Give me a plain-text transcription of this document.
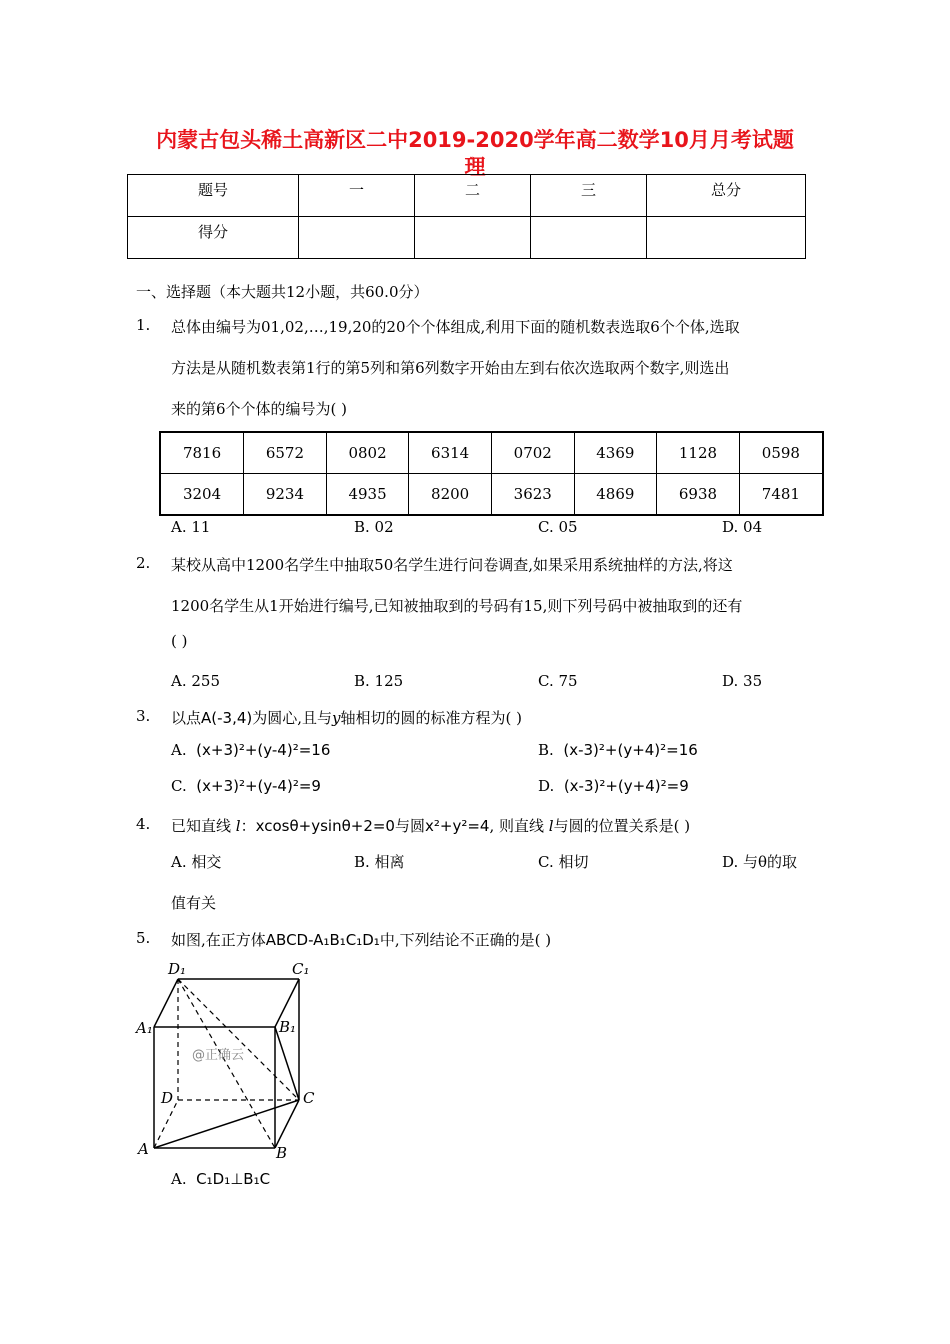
内蒙古包头稀土高新区二中2019-2020学年高二数学10月月考试题
理
题号	一	二	三	总分
得分				
一、选择题（本大题共12小题，共60.0分）
1. 总体由编号为01,02,…,19,20的20个个体组成,利用下面的随机数表选取6个个体,选取
方法是从随机数表第1行的第5列和第6列数字开始由左到右依次选取两个数字,则选出
来的第6个个体的编号为( )
7816	6572	0802	6314	0702	4369	1128	0598
3204	9234	4935	8200	3623	4869	6938	7481
A. 11	B. 02	C. 05	D. 04
2. 某校从高中1200名学生中抽取50名学生进行问卷调查,如果采用系统抽样的方法,将这
1200名学生从1开始进行编号,已知被抽取到的号码有15,则下列号码中被抽取到的还有
( )
A. 255	B. 125	C. 75	D. 35
3. 以点A(-3,4)为圆心,且与y轴相切的圆的标准方程为( )
A. (x+3)²+(y-4)²=16	B. (x-3)²+(y+4)²=16
C. (x+3)²+(y-4)²=9	D. (x-3)²+(y+4)²=9
4. 已知直线 l：xcosθ+ysinθ+2=0与圆x²+y²=4, 则直线 l与圆的位置关系是( )
A. 相交	B. 相离	C. 相切	D. 与θ的取
值有关
5. 如图,在正方体ABCD-A₁B₁C₁D₁中,下列结论不正确的是( )
D₁	C₁
A₁	B₁
D	C
A	B
@正确云
A. C₁D₁⊥B₁C
